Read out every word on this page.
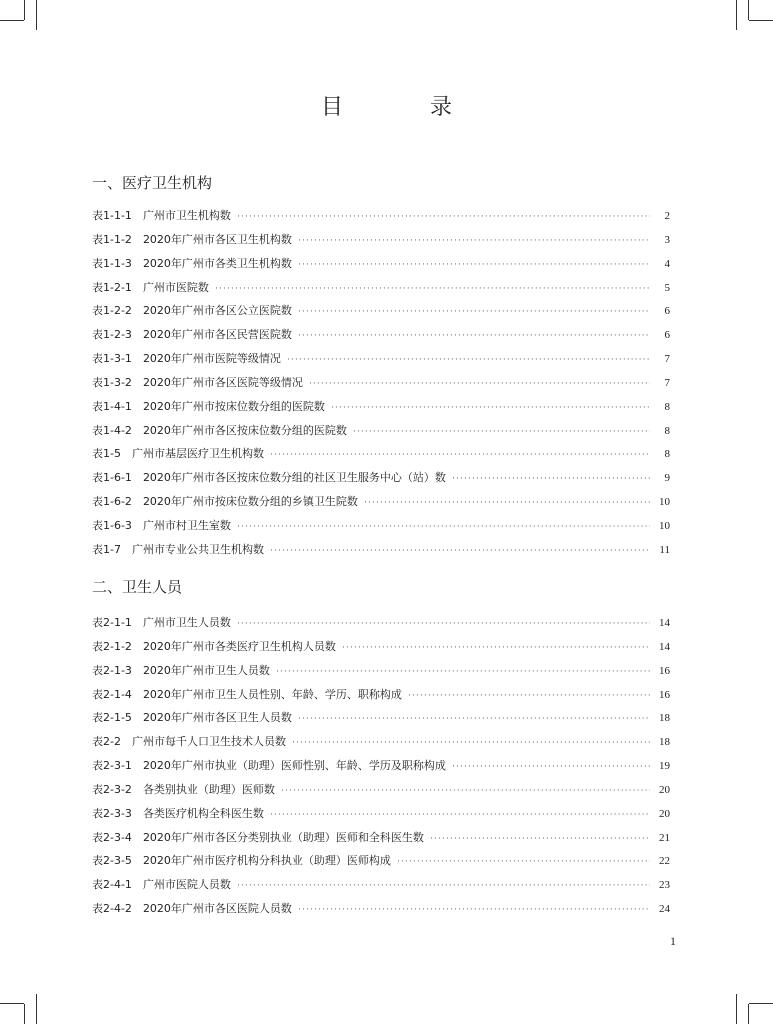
目 录
一、医疗卫生机构
表1-1-1 广州市卫生机构数 ·····	2
表1-1-2 2020年广州市各区卫生机构数 ·····	3
表1-1-3 2020年广州市各类卫生机构数 ·····	4
表1-2-1 广州市医院数 ·····	5
表1-2-2 2020年广州市各区公立医院数 ·····	6
表1-2-3 2020年广州市各区民营医院数 ·····	6
表1-3-1 2020年广州市医院等级情况 ·····	7
表1-3-2 2020年广州市各区医院等级情况 ·····	7
表1-4-1 2020年广州市按床位数分组的医院数 ·····	8
表1-4-2 2020年广州市各区按床位数分组的医院数 ·····	8
表1-5 广州市基层医疗卫生机构数 ·····	8
表1-6-1 2020年广州市各区按床位数分组的社区卫生服务中心（站）数 ·····	9
表1-6-2 2020年广州市按床位数分组的乡镇卫生院数 ·····	10
表1-6-3 广州市村卫生室数 ·····	10
表1-7 广州市专业公共卫生机构数 ·····	11
二、卫生人员
表2-1-1 广州市卫生人员数 ·····	14
表2-1-2 2020年广州市各类医疗卫生机构人员数 ·····	14
表2-1-3 2020年广州市卫生人员数 ·····	16
表2-1-4 2020年广州市卫生人员性别、年龄、学历、职称构成 ·····	16
表2-1-5 2020年广州市各区卫生人员数 ·····	18
表2-2 广州市每千人口卫生技术人员数 ·····	18
表2-3-1 2020年广州市执业（助理）医师性别、年龄、学历及职称构成 ·····	19
表2-3-2 各类别执业（助理）医师数 ·····	20
表2-3-3 各类医疗机构全科医生数 ·····	20
表2-3-4 2020年广州市各区分类别执业（助理）医师和全科医生数 ·····	21
表2-3-5 2020年广州市医疗机构分科执业（助理）医师构成 ·····	22
表2-4-1 广州市医院人员数 ·····	23
表2-4-2 2020年广州市各区医院人员数 ·····	24
1
